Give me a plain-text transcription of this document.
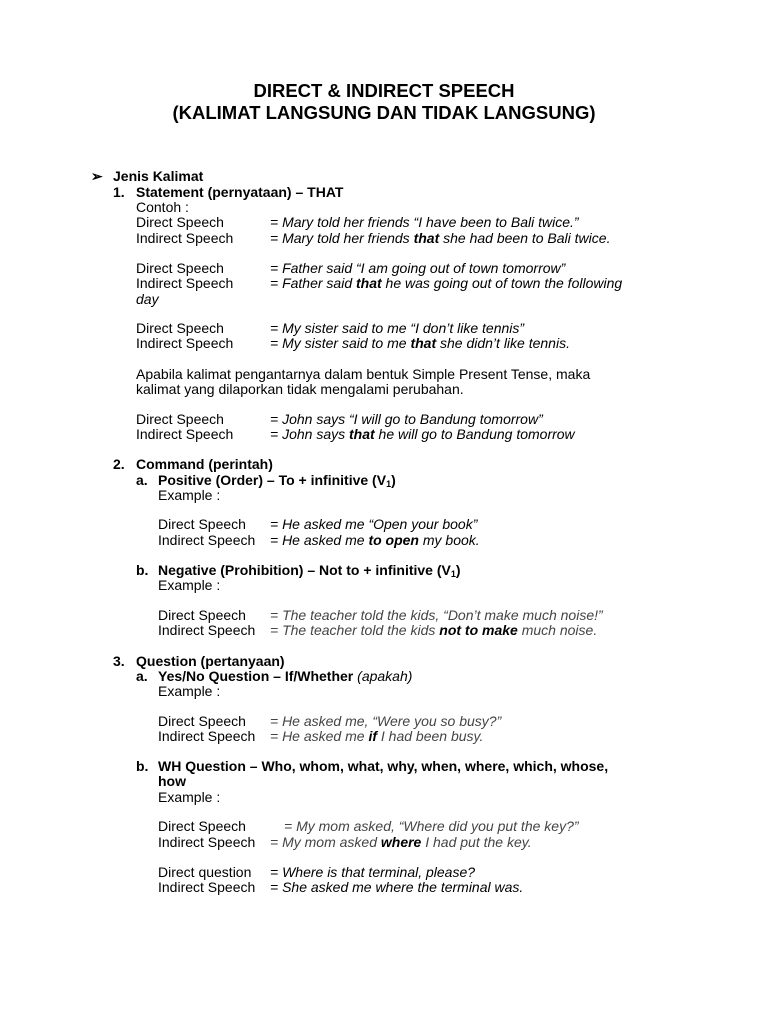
DIRECT & INDIRECT SPEECH
(KALIMAT LANGSUNG DAN TIDAK LANGSUNG)
➢ Jenis Kalimat
1. Statement (pernyataan) – THAT
Contoh :
Direct Speech	= Mary told her friends “I have been to Bali twice.”
Indirect Speech	= Mary told her friends that she had been to Bali twice.
Direct Speech	= Father said “I am going out of town tomorrow”
Indirect Speech	= Father said that he was going out of town the following
day
Direct Speech	= My sister said to me “I don’t like tennis”
Indirect Speech	= My sister said to me that she didn’t like tennis.
Apabila kalimat pengantarnya dalam bentuk Simple Present Tense, maka
kalimat yang dilaporkan tidak mengalami perubahan.
Direct Speech	= John says “I will go to Bandung tomorrow”
Indirect Speech	= John says that he will go to Bandung tomorrow
2. Command (perintah)
a. Positive (Order) – To + infinitive $(V_1)$
Example :
Direct Speech = He asked me “Open your book”
Indirect Speech = He asked me to open my book.
b. Negative (Prohibition) – Not to + infinitive $(V_1)$
Example :
Direct Speech = The teacher told the kids, “Don’t make much noise!”
Indirect Speech = The teacher told the kids not to make much noise.
3. Question (pertanyaan)
a. Yes/No Question – If/Whether (apakah)
Example :
Direct Speech = He asked me, “Were you so busy?”
Indirect Speech = He asked me if I had been busy.
b. WH Question – Who, whom, what, why, when, where, which, whose,
how
Example :
Direct Speech	= My mom asked, “Where did you put the key?”
Indirect Speech = My mom asked where I had put the key.
Direct question = Where is that terminal, please?
Indirect Speech = She asked me where the terminal was.
